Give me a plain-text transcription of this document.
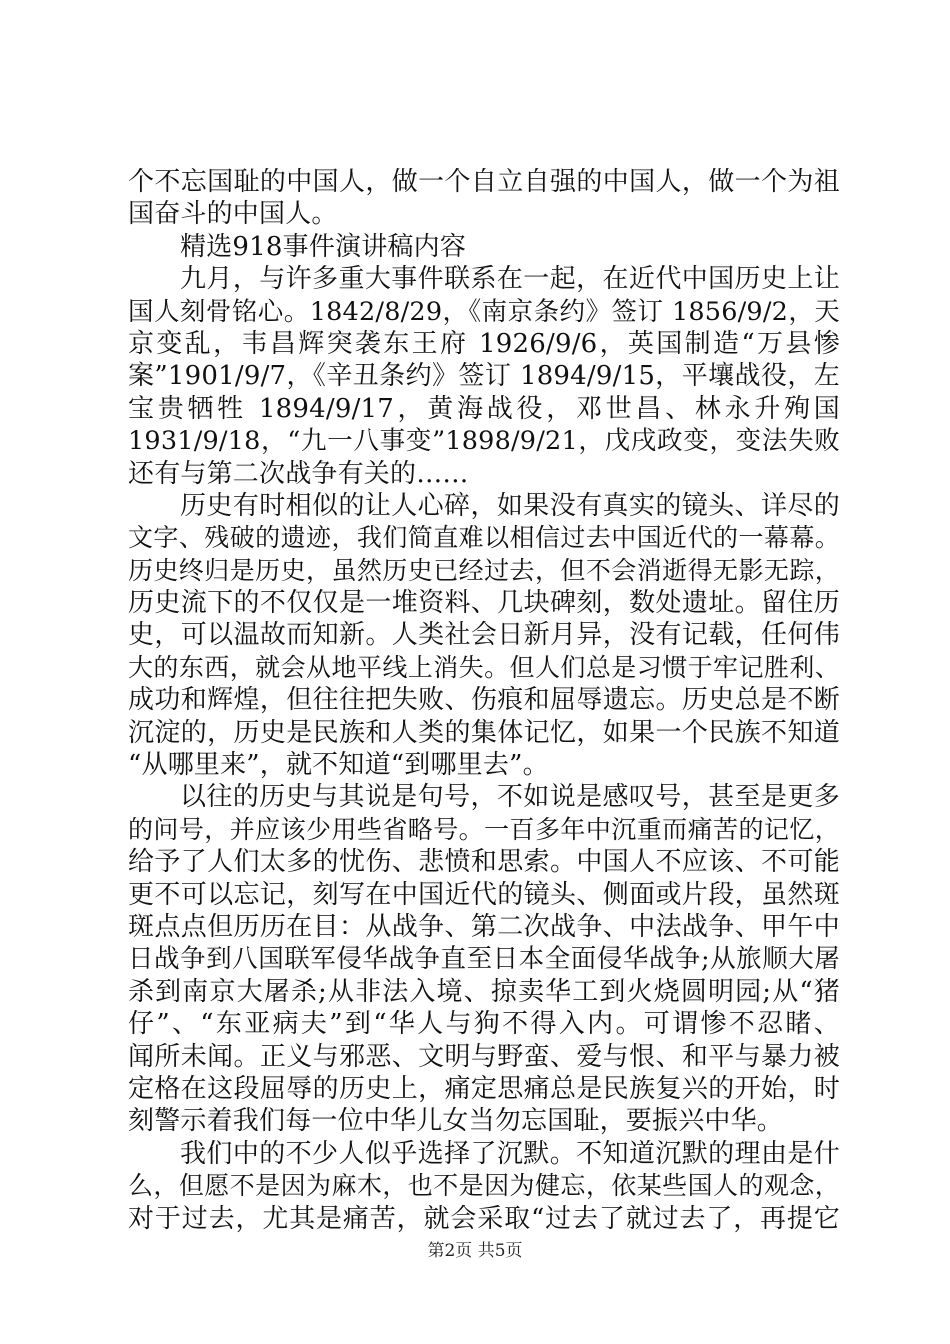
个不忘国耻的中国人，做一个自立自强的中国人，做一个为祖
国奋斗的中国人。
精选918事件演讲稿内容
九月，与许多重大事件联系在一起，在近代中国历史上让
国人刻骨铭心。1842/8/29，《南京条约》签订 1856/9/2，天
京变乱，韦昌辉突袭东王府 1926/9/6，英国制造“万县惨
案”1901/9/7，《辛丑条约》签订 1894/9/15，平壤战役，左
宝贵牺牲 1894/9/17，黄海战役，邓世昌、林永升殉国
1931/9/18，“九一八事变”1898/9/21，戊戌政变，变法失败
还有与第二次战争有关的……
历史有时相似的让人心碎，如果没有真实的镜头、详尽的
文字、残破的遗迹，我们简直难以相信过去中国近代的一幕幕。
历史终归是历史，虽然历史已经过去，但不会消逝得无影无踪，
历史流下的不仅仅是一堆资料、几块碑刻，数处遗址。留住历
史，可以温故而知新。人类社会日新月异，没有记载，任何伟
大的东西，就会从地平线上消失。但人们总是习惯于牢记胜利、
成功和辉煌，但往往把失败、伤痕和屈辱遗忘。历史总是不断
沉淀的，历史是民族和人类的集体记忆，如果一个民族不知道
“从哪里来”，就不知道“到哪里去”。
以往的历史与其说是句号，不如说是感叹号，甚至是更多
的问号，并应该少用些省略号。一百多年中沉重而痛苦的记忆，
给予了人们太多的忧伤、悲愤和思索。中国人不应该、不可能
更不可以忘记，刻写在中国近代的镜头、侧面或片段，虽然斑
斑点点但历历在目：从战争、第二次战争、中法战争、甲午中
日战争到八国联军侵华战争直至日本全面侵华战争;从旅顺大屠
杀到南京大屠杀;从非法入境、掠卖华工到火烧圆明园;从“猪
仔”、“东亚病夫”到“华人与狗不得入内。可谓惨不忍睹、
闻所未闻。正义与邪恶、文明与野蛮、爱与恨、和平与暴力被
定格在这段屈辱的历史上，痛定思痛总是民族复兴的开始，时
刻警示着我们每一位中华儿女当勿忘国耻，要振兴中华。
我们中的不少人似乎选择了沉默。不知道沉默的理由是什
么，但愿不是因为麻木，也不是因为健忘，依某些国人的观念，
对于过去，尤其是痛苦，就会采取“过去了就过去了，再提它
第2页 共5页
